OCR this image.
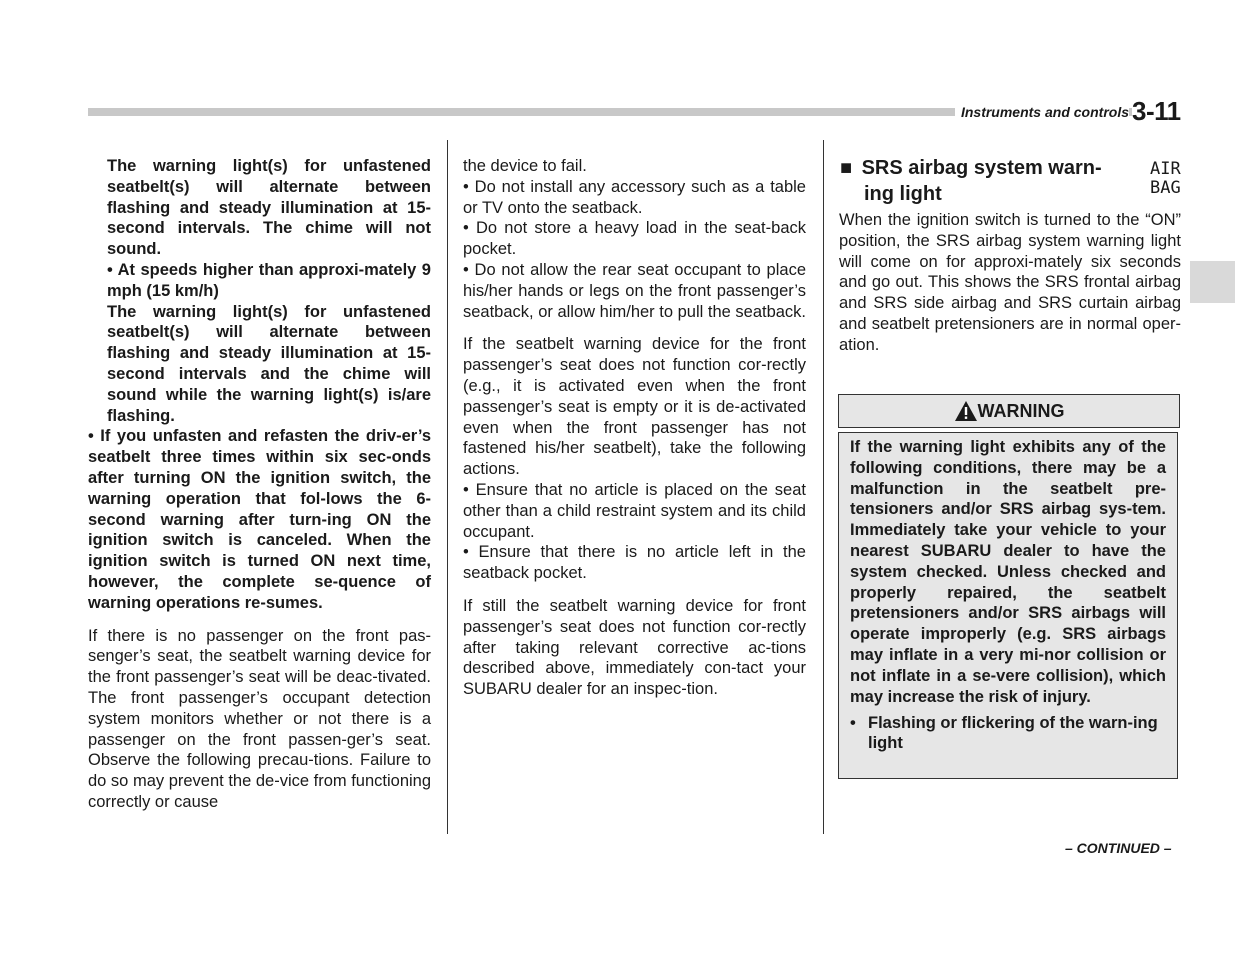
Instruments and controls 3-11

The warning light(s) for unfastened seatbelt(s) will alternate between flashing and steady illumination at 15-second intervals. The chime will not sound.

• At speeds higher than approxi-mately 9 mph (15 km/h)

The warning light(s) for unfastened seatbelt(s) will alternate between flashing and steady illumination at 15-second intervals and the chime will sound while the warning light(s) is/are flashing.

• If you unfasten and refasten the driv-er’s seatbelt three times within six sec-onds after turning ON the ignition switch, the warning operation that fol-lows the 6-second warning after turn-ing ON the ignition switch is canceled. When the ignition switch is turned ON next time, however, the complete se-quence of warning operations re-sumes.

If there is no passenger on the front pas-senger’s seat, the seatbelt warning device for the front passenger’s seat will be deac-tivated. The front passenger’s occupant detection system monitors whether or not there is a passenger on the front passen-ger’s seat. Observe the following precau-tions. Failure to do so may prevent the de-vice from functioning correctly or cause

the device to fail.

• Do not install any accessory such as a table or TV onto the seatback.

• Do not store a heavy load in the seat-back pocket.

• Do not allow the rear seat occupant to place his/her hands or legs on the front passenger’s seatback, or allow him/her to pull the seatback.

If the seatbelt warning device for the front passenger’s seat does not function cor-rectly (e.g., it is activated even when the front passenger’s seat is empty or it is de-activated even when the front passenger has not fastened his/her seatbelt), take the following actions.

• Ensure that no article is placed on the seat other than a child restraint system and its child occupant.

• Ensure that there is no article left in the seatback pocket.

If still the seatbelt warning device for front passenger’s seat does not function cor-rectly after taking relevant corrective ac-tions described above, immediately con-tact your SUBARU dealer for an inspec-tion.

■ SRS airbag system warn-
ing light
AIR
BAG

When the ignition switch is turned to the “ON” position, the SRS airbag system warning light will come on for approxi-mately six seconds and go out. This shows the SRS frontal airbag and SRS side airbag and SRS curtain airbag and seatbelt pretensioners are in normal oper-ation.

WARNING

If the warning light exhibits any of the following conditions, there may be a malfunction in the seatbelt pre-tensioners and/or SRS airbag sys-tem. Immediately take your vehicle to your nearest SUBARU dealer to have the system checked. Unless checked and properly repaired, the seatbelt pretensioners and/or SRS airbags will operate improperly (e.g. SRS airbags may inflate in a very mi-nor collision or not inflate in a se-vere collision), which may increase the risk of injury.

• Flashing or flickering of the warn-ing light
– CONTINUED –
